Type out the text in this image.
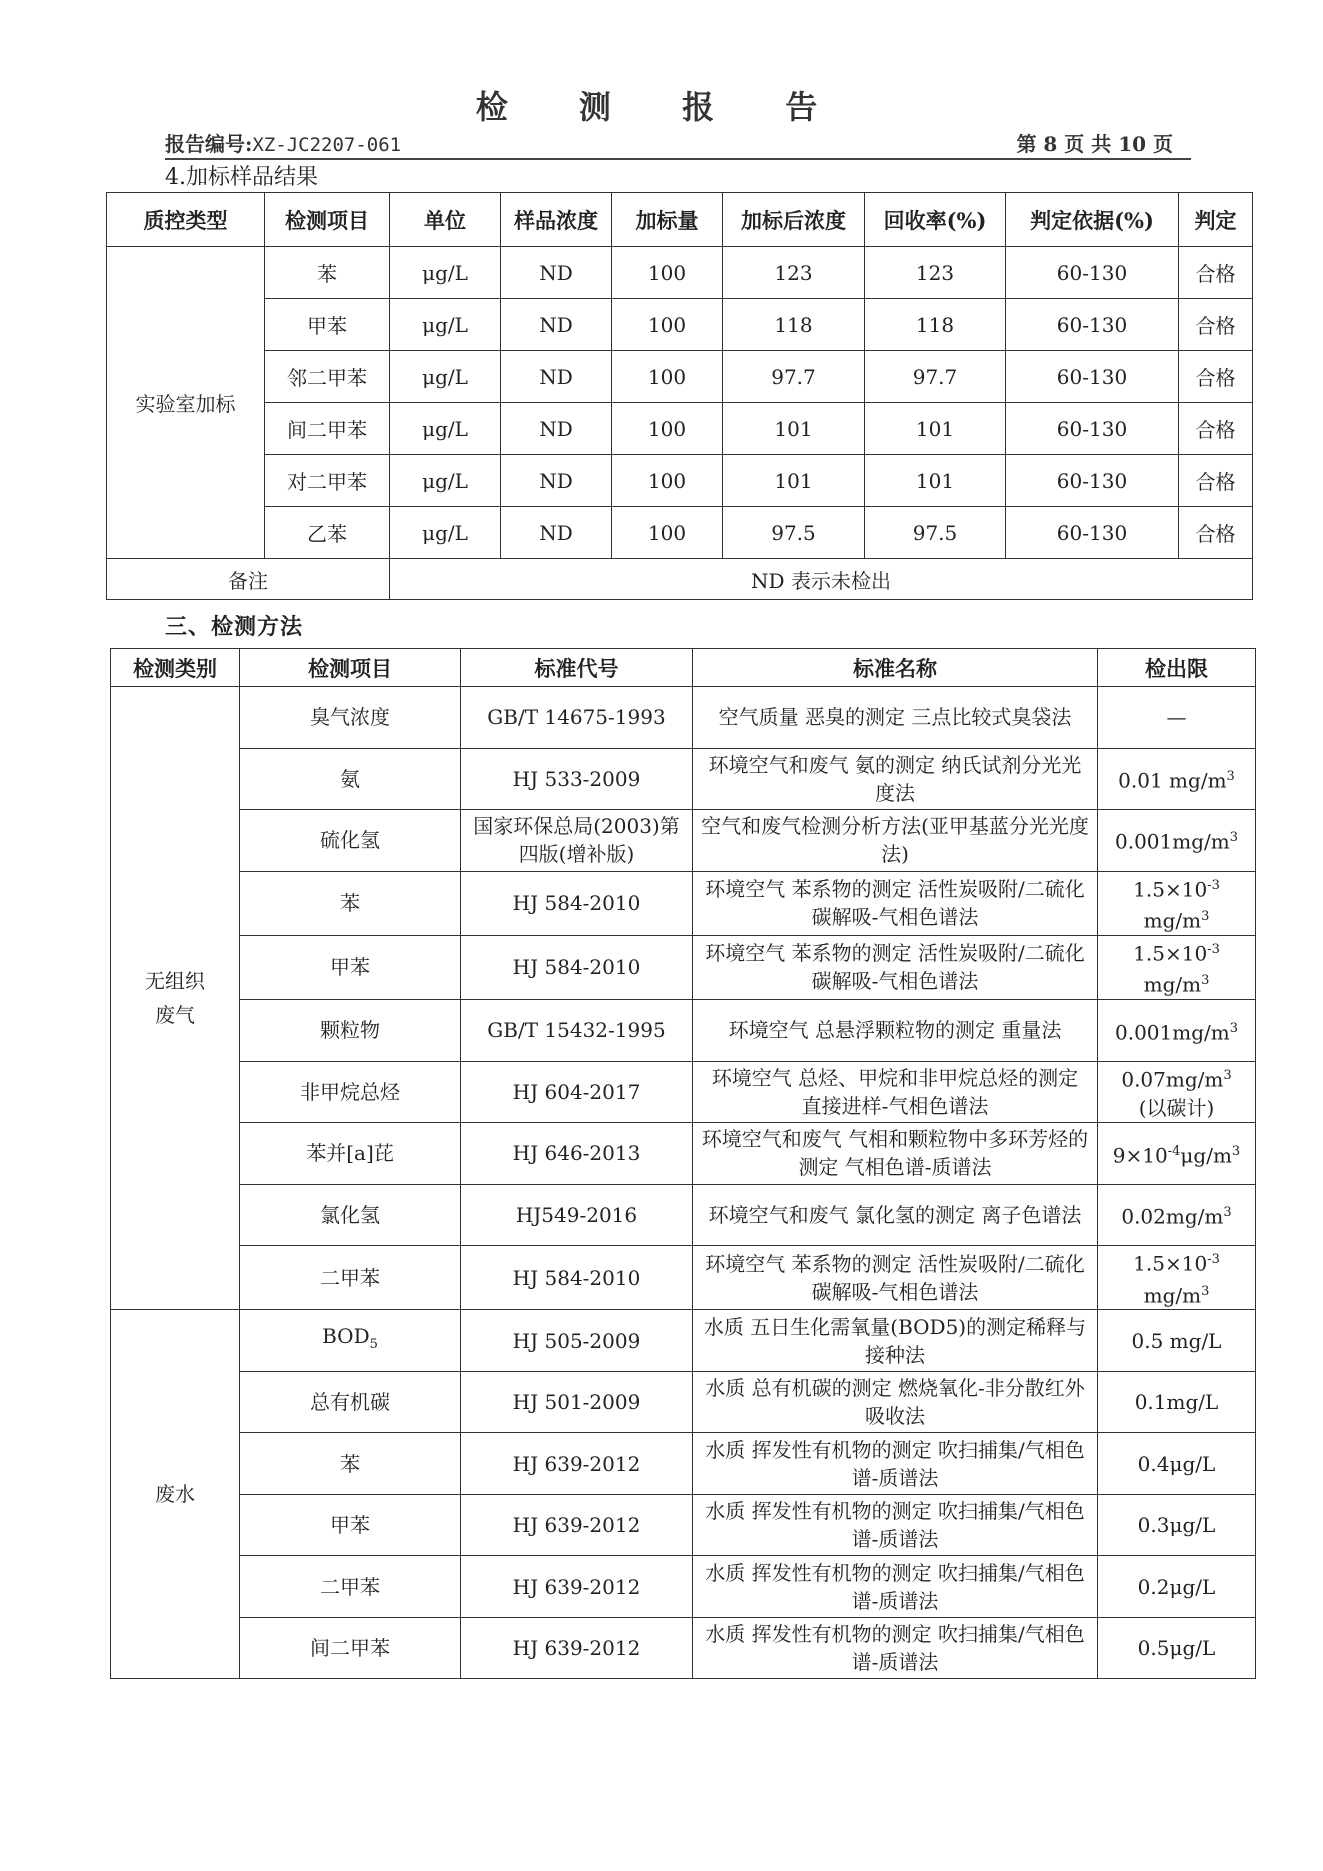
检 测 报 告
报告编号:XZ-JC2207-061	第 8 页 共 10 页
4.加标样品结果
质控类型	检测项目	单位	样品浓度	加标量	加标后浓度	回收率(%)	判定依据(%)	判定
实验室加标	苯	μg/L	ND	100	123	123	60-130	合格
	甲苯	μg/L	ND	100	118	118	60-130	合格
	邻二甲苯	μg/L	ND	100	97.7	97.7	60-130	合格
	间二甲苯	μg/L	ND	100	101	101	60-130	合格
	对二甲苯	μg/L	ND	100	101	101	60-130	合格
	乙苯	μg/L	ND	100	97.5	97.5	60-130	合格
备注		ND 表示未检出						
三、检测方法
检测类别	检测项目	标准代号	标准名称	检出限
无组织
废气	臭气浓度	GB/T 14675-1993	空气质量 恶臭的测定 三点比较式臭袋法	—
	氨	HJ 533-2009	环境空气和废气 氨的测定 纳氏试剂分光光度法	0.01 $mg/m^3$
	硫化氢	国家环保总局(2003)第四版(增补版)	空气和废气检测分析方法(亚甲基蓝分光光度法)	$0.001mg/m^3$
	苯	HJ 584-2010	环境空气 苯系物的测定 活性炭吸附/二硫化碳解吸-气相色谱法	$1.5\times 10^{-3}$
$mg/m^3$
	甲苯	HJ 584-2010	环境空气 苯系物的测定 活性炭吸附/二硫化碳解吸-气相色谱法	$1.5\times 10^{-3}$
$mg/m^3$
	颗粒物	GB/T 15432-1995	环境空气 总悬浮颗粒物的测定 重量法	$0.001mg/m^3$
	非甲烷总烃	HJ 604-2017	环境空气 总烃、甲烷和非甲烷总烃的测定 直接进样-气相色谱法	$0.07mg/m^3$
(以碳计)
	苯并[a]芘	HJ 646-2013	环境空气和废气 气相和颗粒物中多环芳烃的测定 气相色谱-质谱法	$9\times 10^{-4}\mu g/m^3$
	氯化氢	HJ549-2016	环境空气和废气 氯化氢的测定 离子色谱法	$0.02mg/m^3$
	二甲苯	HJ 584-2010	环境空气 苯系物的测定 活性炭吸附/二硫化碳解吸-气相色谱法	$1.5\times 10^{-3}$
$mg/m^3$
废水	$BOD_5$	HJ 505-2009	水质 五日生化需氧量(BOD5)的测定稀释与接种法	0.5 mg/L
	总有机碳	HJ 501-2009	水质 总有机碳的测定 燃烧氧化-非分散红外吸收法	0.1mg/L
	苯	HJ 639-2012	水质 挥发性有机物的测定 吹扫捕集/气相色谱-质谱法	0.4μg/L
	甲苯	HJ 639-2012	水质 挥发性有机物的测定 吹扫捕集/气相色谱-质谱法	0.3μg/L
	二甲苯	HJ 639-2012	水质 挥发性有机物的测定 吹扫捕集/气相色谱-质谱法	0.2μg/L
	间二甲苯	HJ 639-2012	水质 挥发性有机物的测定 吹扫捕集/气相色谱-质谱法	0.5μg/L
